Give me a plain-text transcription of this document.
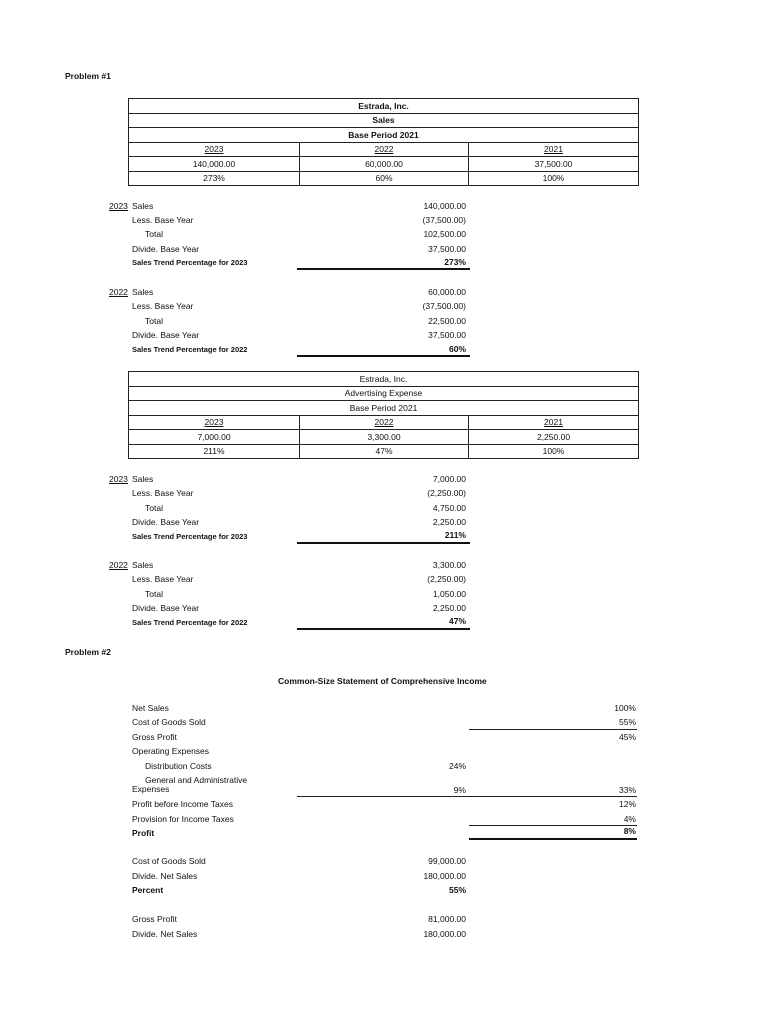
Problem #1
Estrada, Inc.		
Sales		
Base Period 2021		
2023	2022	2021
140,000.00	60,000.00	37,500.00
273%	60%	100%
2023 Sales	140,000.00
Less. Base Year	(37,500.00)
Total	102,500.00
Divide. Base Year	37,500.00
Sales Trend Percentage for 2023	273%
2022 Sales	60,000.00
Less. Base Year	(37,500.00)
Total	22,500.00
Divide. Base Year	37,500.00
Sales Trend Percentage for 2022	60%
Estrada, Inc.		
Advertising Expense		
Base Period 2021		
2023	2022	2021
7,000.00	3,300.00	2,250.00
211%	47%	100%
2023 Sales	7,000.00
Less. Base Year	(2,250.00)
Total	4,750.00
Divide. Base Year	2,250.00
Sales Trend Percentage for 2023	211%
2022 Sales	3,300.00
Less. Base Year	(2,250.00)
Total	1,050.00
Divide. Base Year	2,250.00
Sales Trend Percentage for 2022	47%
Problem #2
Common-Size Statement of Comprehensive Income
Net Sales	100%
Cost of Goods Sold	55%
Gross Profit	45%
Operating Expenses
Distribution Costs	24%
General and Administrative
Expenses	9%	33%
Profit before Income Taxes	12%
Provision for Income Taxes	4%
Profit	8%
Cost of Goods Sold	99,000.00
Divide. Net Sales	180,000.00
Percent	55%
Gross Profit	81,000.00
Divide. Net Sales	180,000.00
